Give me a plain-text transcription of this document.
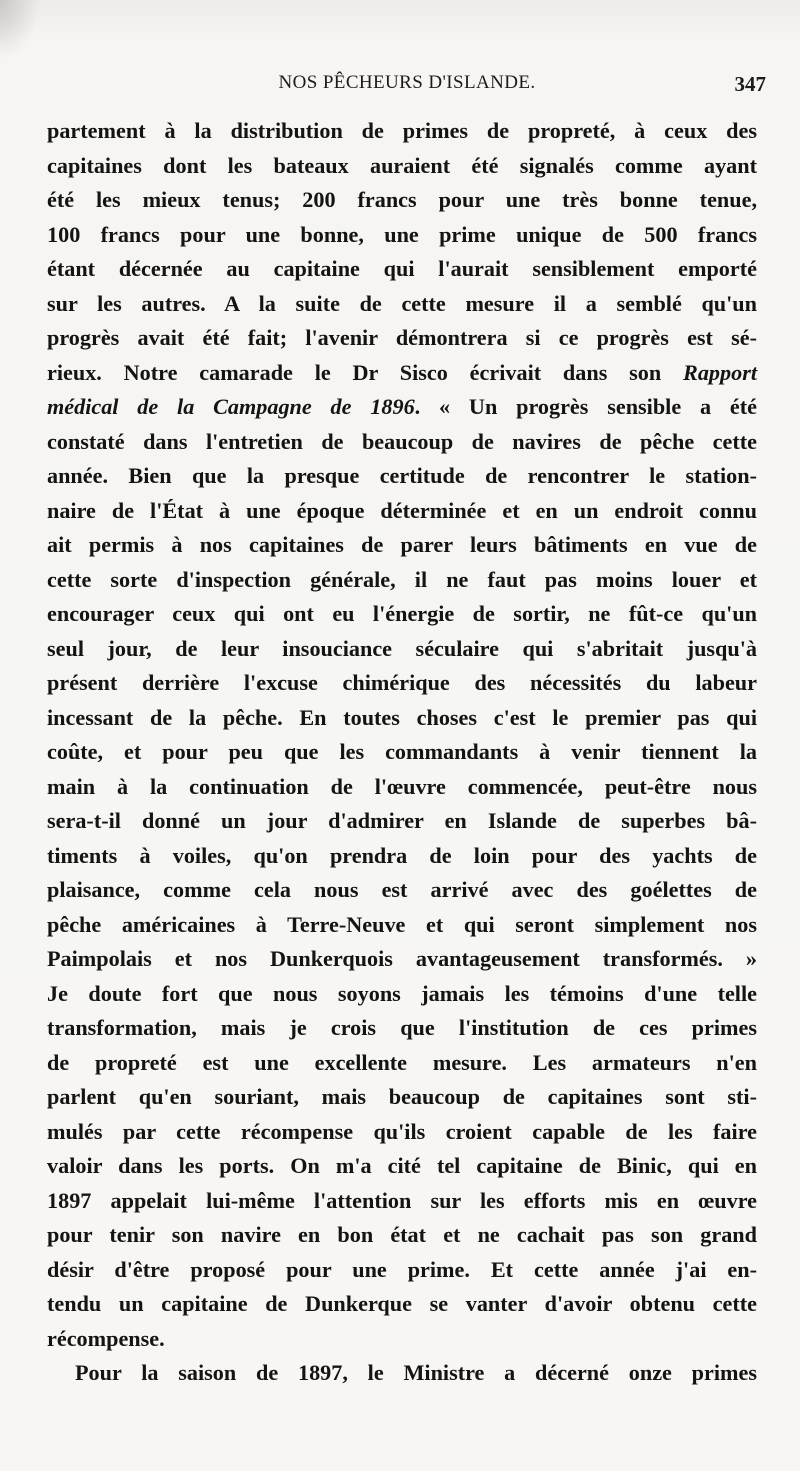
NOS PÊCHEURS D'ISLANDE.	347
partement à la distribution de primes de propreté, à ceux des
capitaines dont les bateaux auraient été signalés comme ayant
été les mieux tenus; 200 francs pour une très bonne tenue,
100 francs pour une bonne, une prime unique de 500 francs
étant décernée au capitaine qui l'aurait sensiblement emporté
sur les autres. A la suite de cette mesure il a semblé qu'un
progrès avait été fait; l'avenir démontrera si ce progrès est sé-
rieux. Notre camarade le Dr Sisco écrivait dans son Rapport
médical de la Campagne de 1896. « Un progrès sensible a été
constaté dans l'entretien de beaucoup de navires de pêche cette
année. Bien que la presque certitude de rencontrer le station-
naire de l'État à une époque déterminée et en un endroit connu
ait permis à nos capitaines de parer leurs bâtiments en vue de
cette sorte d'inspection générale, il ne faut pas moins louer et
encourager ceux qui ont eu l'énergie de sortir, ne fût-ce qu'un
seul jour, de leur insouciance séculaire qui s'abritait jusqu'à
présent derrière l'excuse chimérique des nécessités du labeur
incessant de la pêche. En toutes choses c'est le premier pas qui
coûte, et pour peu que les commandants à venir tiennent la
main à la continuation de l'œuvre commencée, peut-être nous
sera-t-il donné un jour d'admirer en Islande de superbes bâ-
timents à voiles, qu'on prendra de loin pour des yachts de
plaisance, comme cela nous est arrivé avec des goélettes de
pêche américaines à Terre-Neuve et qui seront simplement nos
Paimpolais et nos Dunkerquois avantageusement transformés. »
Je doute fort que nous soyons jamais les témoins d'une telle
transformation, mais je crois que l'institution de ces primes
de propreté est une excellente mesure. Les armateurs n'en
parlent qu'en souriant, mais beaucoup de capitaines sont sti-
mulés par cette récompense qu'ils croient capable de les faire
valoir dans les ports. On m'a cité tel capitaine de Binic, qui en
1897 appelait lui-même l'attention sur les efforts mis en œuvre
pour tenir son navire en bon état et ne cachait pas son grand
désir d'être proposé pour une prime. Et cette année j'ai en-
tendu un capitaine de Dunkerque se vanter d'avoir obtenu cette
récompense.
Pour la saison de 1897, le Ministre a décerné onze primes
